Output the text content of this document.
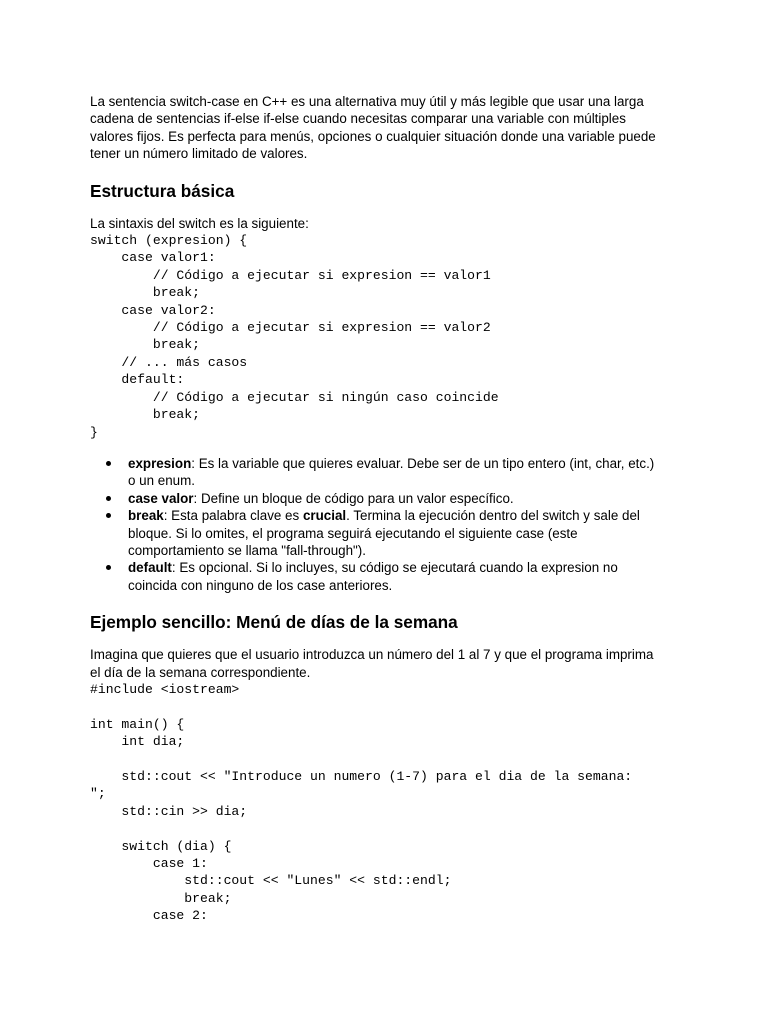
La sentencia switch-case en C++ es una alternativa muy útil y más legible que usar una larga
cadena de sentencias if-else if-else cuando necesitas comparar una variable con múltiples
valores fijos. Es perfecta para menús, opciones o cualquier situación donde una variable puede
tener un número limitado de valores.

Estructura básica

La sintaxis del switch es la siguiente:

switch (expresion) {
case valor1:
// Código a ejecutar si expresion == valor1
break;
case valor2:
// Código a ejecutar si expresion == valor2
break;
// ... más casos
default:
// Código a ejecutar si ningún caso coincide
break;
}
expresion: Es la variable que quieres evaluar. Debe ser de un tipo entero (int, char, etc.)
o un enum.
case valor: Define un bloque de código para un valor específico.
break: Esta palabra clave es crucial. Termina la ejecución dentro del switch y sale del
bloque. Si lo omites, el programa seguirá ejecutando el siguiente case (este
comportamiento se llama "fall-through").
default: Es opcional. Si lo incluyes, su código se ejecutará cuando la expresion no
coincida con ninguno de los case anteriores.
Ejemplo sencillo: Menú de días de la semana

Imagina que quieres que el usuario introduzca un número del 1 al 7 y que el programa imprima
el día de la semana correspondiente.

#include <iostream>

int main() {
int dia;

std::cout << "Introduce un numero (1-7) para el dia de la semana:
";
std::cin >> dia;

switch (dia) {
case 1:
std::cout << "Lunes" << std::endl;
break;
case 2:
